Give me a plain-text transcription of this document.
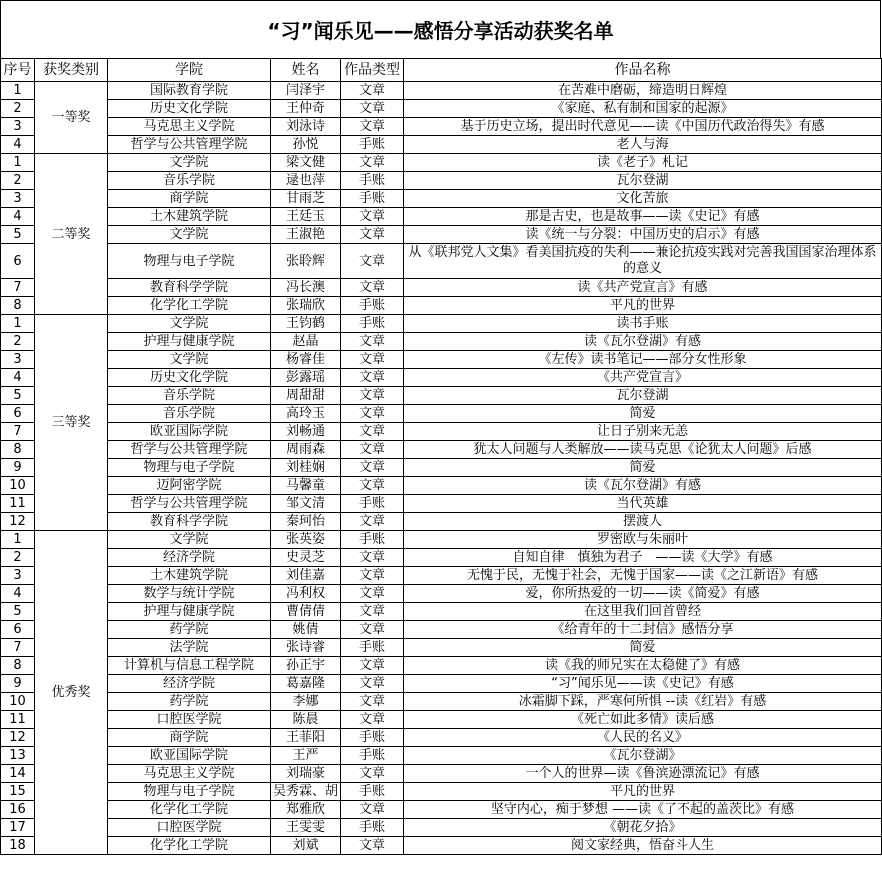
“习”闻乐见——感悟分享活动获奖名单
序号	获奖类别	学院	姓名	作品类型	作品名称
1	一等奖	国际教育学院	闫泽宇	文章	在苦难中磨砺，缔造明日辉煌
2		历史文化学院	王仲奇	文章	《家庭、私有制和国家的起源》
3		马克思主义学院	刘泳诗	文章	基于历史立场，提出时代意见——读《中国历代政治得失》有感
4		哲学与公共管理学院	孙悦	手账	老人与海
1	二等奖	文学院	梁文健	文章	读《老子》札记
2		音乐学院	逯也萍	手账	瓦尔登湖
3		商学院	甘雨芝	手账	文化苦旅
4		土木建筑学院	王廷玉	文章	那是古史，也是故事——读《史记》有感
5		文学院	王淑艳	文章	读《统一与分裂：中国历史的启示》有感
6		物理与电子学院	张聆辉	文章	从《联邦党人文集》看美国抗疫的失利——兼论抗疫实践对完善我国国家治理体系的意义
7		教育科学学院	冯长澳	文章	读《共产党宣言》有感
8		化学化工学院	张瑞欣	手账	平凡的世界
1	三等奖	文学院	王钧鹤	手账	读书手账
2		护理与健康学院	赵晶	文章	读《瓦尔登湖》有感
3		文学院	杨睿佳	文章	《左传》读书笔记——部分女性形象
4		历史文化学院	彭露瑶	文章	《共产党宣言》
5		音乐学院	周甜甜	文章	瓦尔登湖
6		音乐学院	高玲玉	文章	简爱
7		欧亚国际学院	刘畅通	文章	让日子别来无恙
8		哲学与公共管理学院	周雨森	文章	犹太人问题与人类解放——读马克思《论犹太人问题》后感
9		物理与电子学院	刘桂娴	文章	简爱
10		迈阿密学院	马馨童	文章	读《瓦尔登湖》有感
11		哲学与公共管理学院	邹文清	手账	当代英雄
12		教育科学学院	秦珂怡	文章	摆渡人
1	优秀奖	文学院	张英姿	手账	罗密欧与朱丽叶
2		经济学院	史灵芝	文章	自知自律　慎独为君子　——读《大学》有感
3		土木建筑学院	刘佳嘉	文章	无愧于民，无愧于社会，无愧于国家——读《之江新语》有感
4		数学与统计学院	冯利权	文章	爱，你所热爱的一切——读《简爱》有感
5		护理与健康学院	曹倩倩	文章	在这里我们回首曾经
6		药学院	姚倩	文章	《给青年的十二封信》感悟分享
7		法学院	张诗睿	手账	简爱
8		计算机与信息工程学院	孙正宇	文章	读《我的师兄实在太稳健了》有感
9		经济学院	葛嘉隆	文章	“习”闻乐见——读《史记》有感
10		药学院	李娜	文章	冰霜脚下踩，严寒何所惧 --读《红岩》有感
11		口腔医学院	陈晨	文章	《死亡如此多情》读后感
12		商学院	王菲阳	手账	《人民的名义》
13		欧亚国际学院	王严	手账	《瓦尔登湖》
14		马克思主义学院	刘瑞豪	文章	一个人的世界—读《鲁滨逊漂流记》有感
15		物理与电子学院	吴秀霖、胡	手账	平凡的世界
16		化学化工学院	郑雅欣	文章	坚守内心，痴于梦想 ——读《了不起的盖茨比》有感
17		口腔医学院	王雯雯	手账	《朝花夕拾》
18		化学化工学院	刘斌	文章	阅文家经典，悟奋斗人生
